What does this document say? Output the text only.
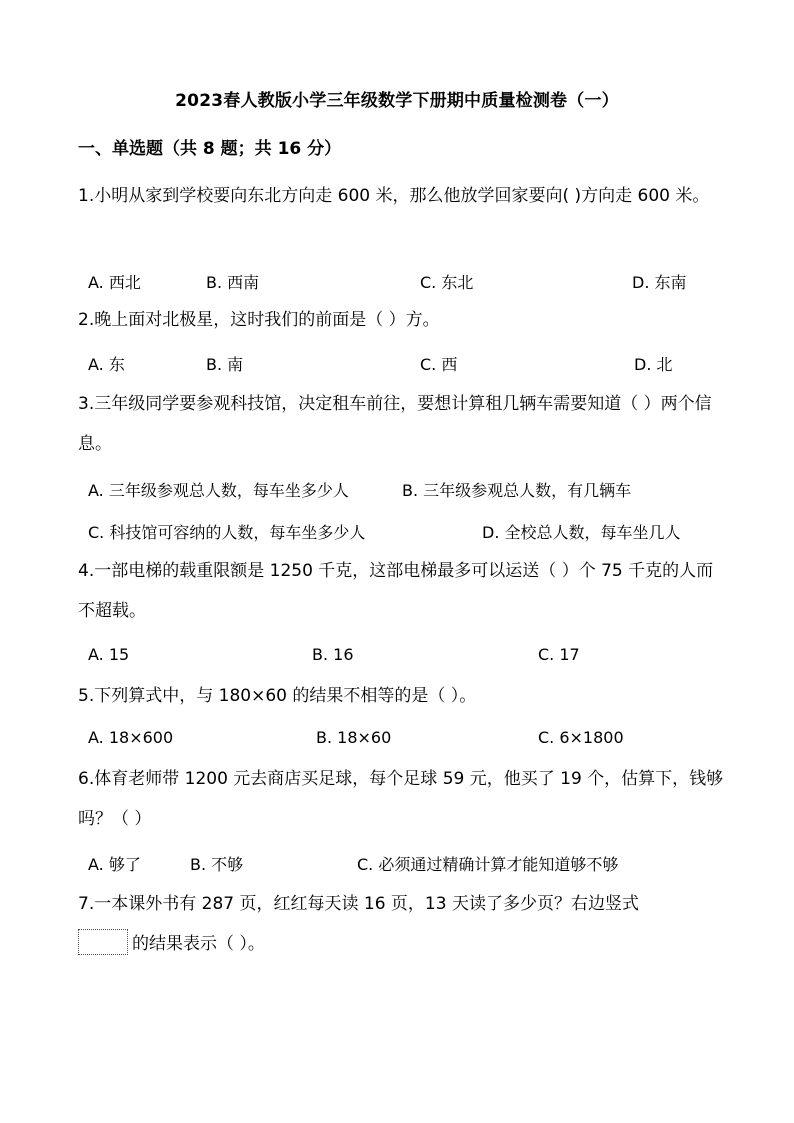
2023春人教版小学三年级数学下册期中质量检测卷（一）
一、单选题（共 8 题；共 16 分）
1.小明从家到学校要向东北方向走 600 米，那么他放学回家要向( )方向走 600 米。
A. 西北	B. 西南	C. 东北	D. 东南
2.晚上面对北极星，这时我们的前面是（ ）方。
A. 东	B. 南	C. 西	D. 北
3.三年级同学要参观科技馆，决定租车前往，要想计算租几辆车需要知道（ ）两个信息。
A. 三年级参观总人数，每车坐多少人	B. 三年级参观总人数，有几辆车
C. 科技馆可容纳的人数，每车坐多少人	D. 全校总人数，每车坐几人
4.一部电梯的载重限额是 1250 千克，这部电梯最多可以运送（ ）个 75 千克的人而不超载。
A. 15	B. 16	C. 17
5.下列算式中，与 180×60 的结果不相等的是（ ）。
A. 18×600	B. 18×60	C. 6×1800
6.体育老师带 1200 元去商店买足球，每个足球 59 元，他买了 19 个，估算下，钱够吗？（ ）
A. 够了	B. 不够	C. 必须通过精确计算才能知道够不够
7.一本课外书有 287 页，红红每天读 16 页，13 天读了多少页？右边竖式
的结果表示（ ）。
